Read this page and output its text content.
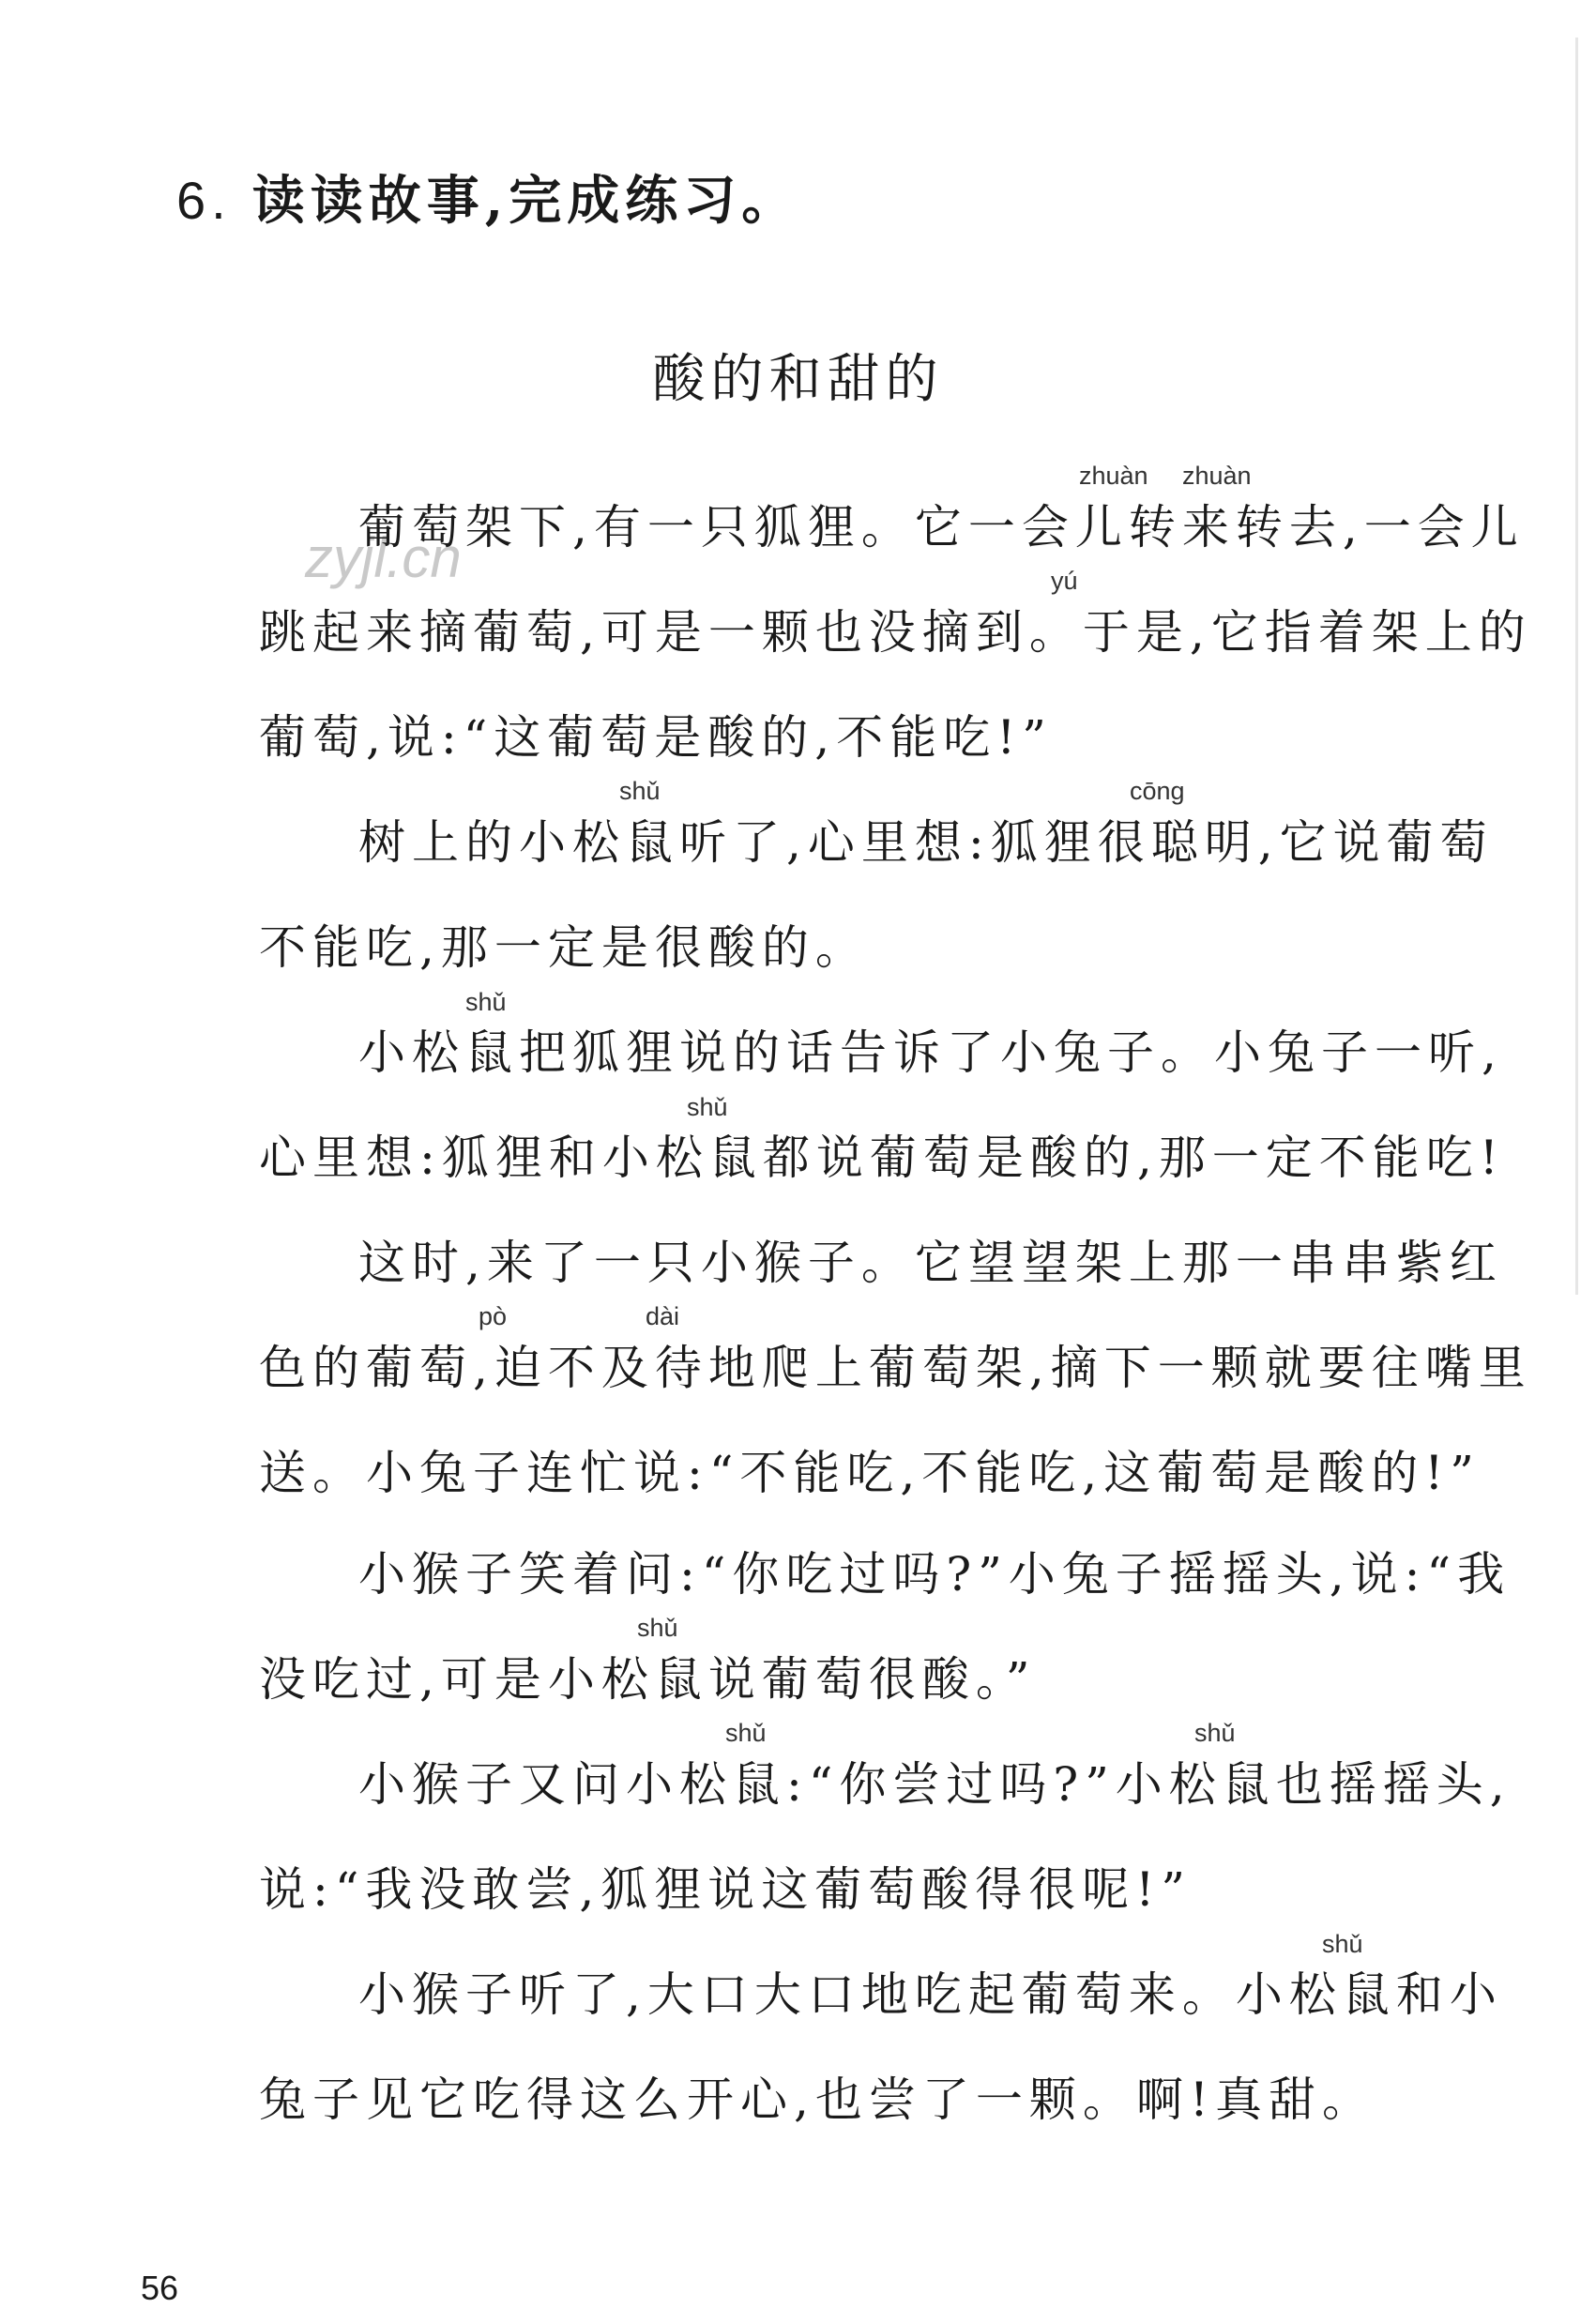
6. 读读故事,完成练习。
酸的和甜的
zyjl.cn
zhuàn zhuàn
yú
shǔ	cōng
shǔ
shǔ
pò	dài
shǔ
shǔ	shǔ
shǔ
葡萄架下,有一只狐狸。它一会儿转来转去,一会儿
跳起来摘葡萄,可是一颗也没摘到。于是,它指着架上的
葡萄,说:“这葡萄是酸的,不能吃!”
树上的小松鼠听了,心里想:狐狸很聪明,它说葡萄
不能吃,那一定是很酸的。
小松鼠把狐狸说的话告诉了小兔子。小兔子一听,
心里想:狐狸和小松鼠都说葡萄是酸的,那一定不能吃!
这时,来了一只小猴子。它望望架上那一串串紫红
色的葡萄,迫不及待地爬上葡萄架,摘下一颗就要往嘴里
送。小兔子连忙说:“不能吃,不能吃,这葡萄是酸的!”
小猴子笑着问:“你吃过吗?”小兔子摇摇头,说:“我
没吃过,可是小松鼠说葡萄很酸。”
小猴子又问小松鼠:“你尝过吗?”小松鼠也摇摇头,
说:“我没敢尝,狐狸说这葡萄酸得很呢!”
小猴子听了,大口大口地吃起葡萄来。小松鼠和小
兔子见它吃得这么开心,也尝了一颗。啊!真甜。
56
